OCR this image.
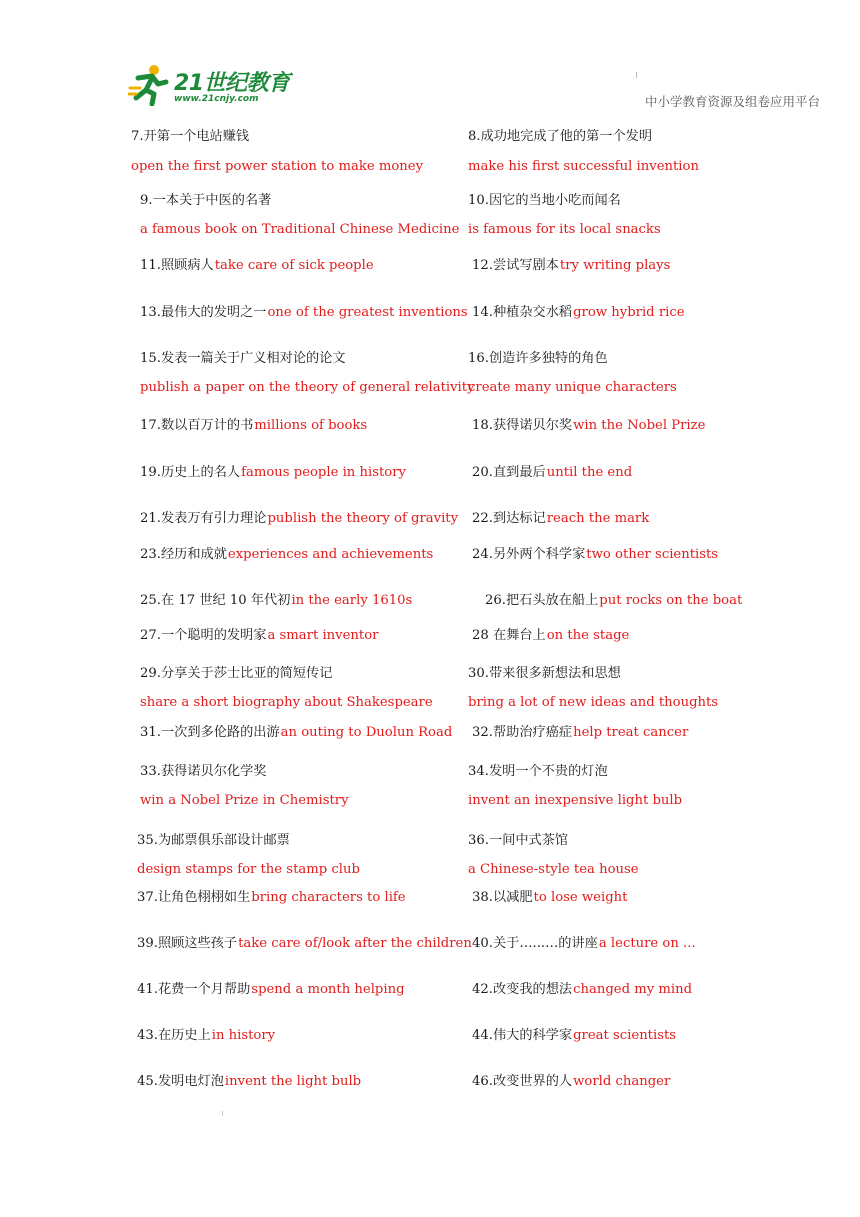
21世纪教育
www.21cnjy.com	中小学教育资源及组卷应用平台
7.开第一个电站赚钱
open the first power station to make money
8.成功地完成了他的第一个发明
make his first successful invention
9.一本关于中医的名著
a famous book on Traditional Chinese Medicine
10.因它的当地小吃而闻名
is famous for its local snacks
11.照顾病人 take care of sick people	12.尝试写剧本 try writing plays
13.最伟大的发明之一 one of the greatest inventions 14.种植杂交水稻 grow hybrid rice
15.发表一篇关于广义相对论的论文
publish a paper on the theory of general relativity
16.创造许多独特的角色
create many unique characters
17.数以百万计的书 millions of books	18.获得诺贝尔奖 win the Nobel Prize
19.历史上的名人 famous people in history	20.直到最后 until the end
21.发表万有引力理论 publish the theory of gravity 22.到达标记 reach the mark
23.经历和成就 experiences and achievements	24.另外两个科学家 two other scientists
25.在 17 世纪 10 年代初 in the early 1610s	26.把石头放在船上 put rocks on the boat
27.一个聪明的发明家 a smart inventor	28 在舞台上 on the stage
29.分享关于莎士比亚的简短传记
share a short biography about Shakespeare
30.带来很多新想法和思想
bring a lot of new ideas and thoughts
31.一次到多伦路的出游 an outing to Duolun Road 32.帮助治疗癌症 help treat cancer
33.获得诺贝尔化学奖
win a Nobel Prize in Chemistry
34.发明一个不贵的灯泡
invent an inexpensive light bulb
35.为邮票俱乐部设计邮票
design stamps for the stamp club
36.一间中式茶馆
a Chinese-style tea house
37.让角色栩栩如生 bring characters to life	38.以减肥 to lose weight
39.照顾这些孩子 take care of/look after the children 40.关于…...…的讲座 a lecture on ...
41.花费一个月帮助 spend a month helping	42.改变我的想法 changed my mind
43.在历史上 in history	44.伟大的科学家 great scientists
45.发明电灯泡 invent the light bulb	46.改变世界的人 world changer
